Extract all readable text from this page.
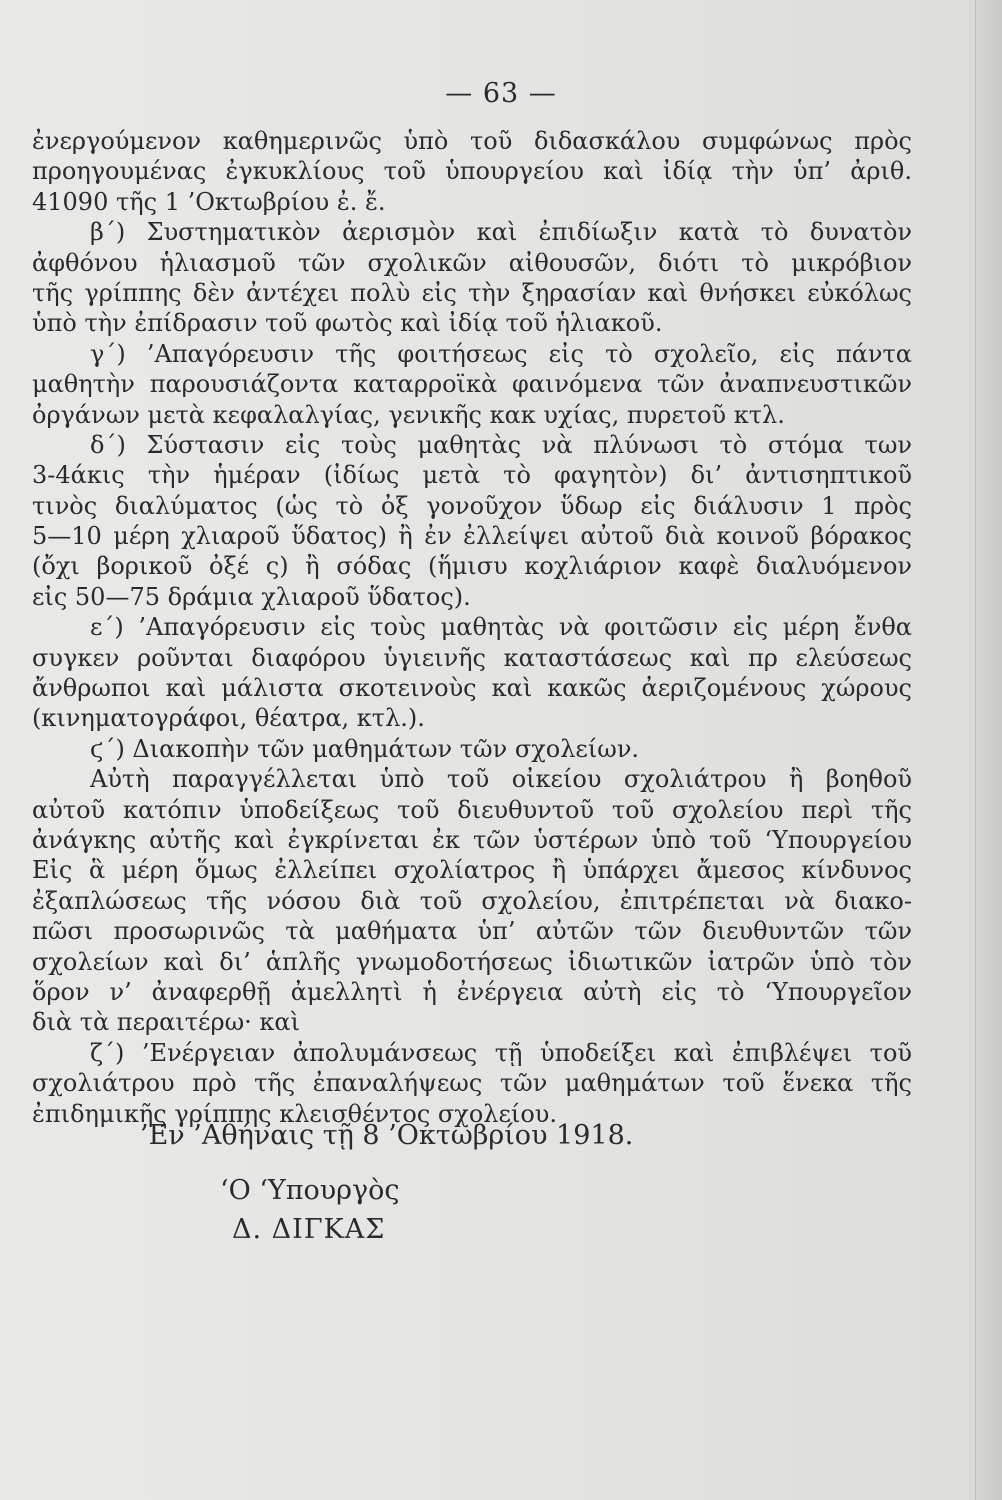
— 63 —
ἐνεργούμενον καθημερινῶς ὑπὸ τοῦ διδασκάλου συμφώνως πρὸς
προηγουμένας ἐγκυκλίους τοῦ ὑπουργείου καὶ ἰδίᾳ τὴν ὑπ’ ἀριθ.
41090 τῆς 1 ’Οκτωβρίου ἐ. ἔ.
β΄) Συστηματικὸν ἀερισμὸν καὶ ἐπιδίωξιν κατὰ τὸ δυνατὸν
ἀφθόνου ἡλιασμοῦ τῶν σχολικῶν αἰθουσῶν, διότι τὸ μικρόβιον
τῆς γρίππης δὲν ἀντέχει πολὺ εἰς τὴν ξηρασίαν καὶ θνήσκει εὐκόλως
ὑπὸ τὴν ἐπίδρασιν τοῦ φωτὸς καὶ ἰδίᾳ τοῦ ἡλιακοῦ.
γ΄) ’Απαγόρευσιν τῆς φοιτήσεως εἰς τὸ σχολεῖο, εἰς πάντα
μαθητὴν παρουσιάζοντα καταρροϊκὰ φαινόμενα τῶν ἀναπνευστικῶν
ὀργάνων μετὰ κεφαλαλγίας, γενικῆς κακ υχίας, πυρετοῦ κτλ.
δ΄) Σύστασιν εἰς τοὺς μαθητὰς νὰ πλύνωσι τὸ στόμα των
3-4άκις τὴν ἡμέραν (ἰδίως μετὰ τὸ φαγητὸν) δι’ ἀντισηπτικοῦ
τινὸς διαλύματος (ὡς τὸ ὀξ γονοῦχον ὕδωρ εἰς διάλυσιν 1 πρὸς
5—10 μέρη χλιαροῦ ὕδατος) ἢ ἐν ἐλλείψει αὐτοῦ διὰ κοινοῦ βόρακος
(ὄχι βορικοῦ ὀξέ ς) ἢ σόδας (ἥμισυ κοχλιάριον καφὲ διαλυόμενον
εἰς 50—75 δράμια χλιαροῦ ὕδατος).
ε΄) ’Απαγόρευσιν εἰς τοὺς μαθητὰς νὰ φοιτῶσιν εἰς μέρη ἔνθα
συγκεν ροῦνται διαφόρου ὑγιεινῆς καταστάσεως καὶ πρ ελεύσεως
ἄνθρωποι καὶ μάλιστα σκοτεινοὺς καὶ κακῶς ἀεριζομένους χώρους
(κινηματογράφοι, θέατρα, κτλ.).
ϛ΄) Διακοπὴν τῶν μαθημάτων τῶν σχολείων.
Αὐτὴ παραγγέλλεται ὑπὸ τοῦ οἰκείου σχολιάτρου ἢ βοηθοῦ
αὐτοῦ κατόπιν ὑποδείξεως τοῦ διευθυντοῦ τοῦ σχολείου περὶ τῆς
ἀνάγκης αὐτῆς καὶ ἐγκρίνεται ἐκ τῶν ὑστέρων ὑπὸ τοῦ ‘Υπουργείου
Εἰς ἃ μέρη ὅμως ἐλλείπει σχολίατρος ἢ ὑπάρχει ἄμεσος κίνδυνος
ἐξαπλώσεως τῆς νόσου διὰ τοῦ σχολείου, ἐπιτρέπεται νὰ διακο-
πῶσι προσωρινῶς τὰ μαθήματα ὑπ’ αὐτῶν τῶν διευθυντῶν τῶν
σχολείων καὶ δι’ ἁπλῆς γνωμοδοτήσεως ἰδιωτικῶν ἰατρῶν ὑπὸ τὸν
ὅρον ν’ ἀναφερθῇ ἀμελλητὶ ἡ ἐνέργεια αὐτὴ εἰς τὸ ‘Υπουργεῖον
διὰ τὰ περαιτέρω· καὶ
ζ΄) ’Ενέργειαν ἀπολυμάνσεως τῇ ὑποδείξει καὶ ἐπιβλέψει τοῦ
σχολιάτρου πρὸ τῆς ἐπαναλήψεως τῶν μαθημάτων τοῦ ἕνεκα τῆς
ἐπιδημικῆς γρίππης κλεισθέντος σχολείου.
’Εν ’Αθήναις τῇ 8 ’Οκτωβρίου 1918.
‘Ο ‘Υπουργὸς
Δ. ΔΙΓΚΑΣ
